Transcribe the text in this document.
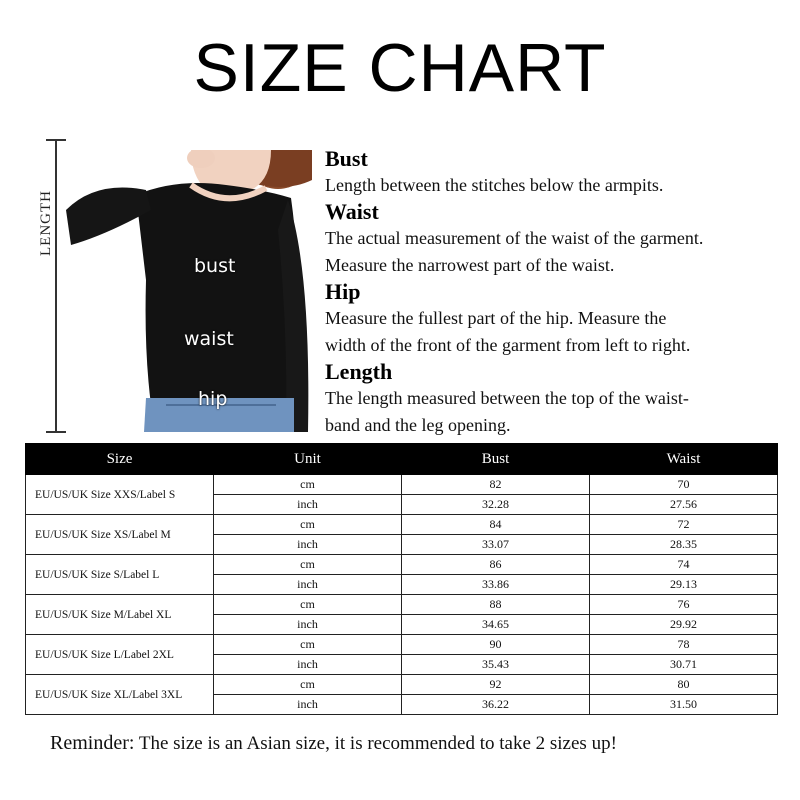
SIZE CHART
LENGTH
bust
waist
hip

Bust

Length between the stitches below the armpits.

Waist

The actual measurement of the waist of the garment.

Measure the narrowest part of the waist.

Hip

Measure the fullest part of the hip. Measure the

width of the front of the garment from left to right.

Length

The length measured between the top of the waist-

band and the leg opening.

Size	Unit	Bust	Waist
EU/US/UK Size XXS/Label S	cm	82	70
	inch	32.28	27.56
EU/US/UK Size XS/Label M	cm	84	72
	inch	33.07	28.35
EU/US/UK Size S/Label L	cm	86	74
	inch	33.86	29.13
EU/US/UK Size M/Label XL	cm	88	76
	inch	34.65	29.92
EU/US/UK Size L/Label 2XL	cm	90	78
	inch	35.43	30.71
EU/US/UK Size XL/Label 3XL	cm	92	80
	inch	36.22	31.50
Reminder: The size is an Asian size, it is recommended to take 2 sizes up!
